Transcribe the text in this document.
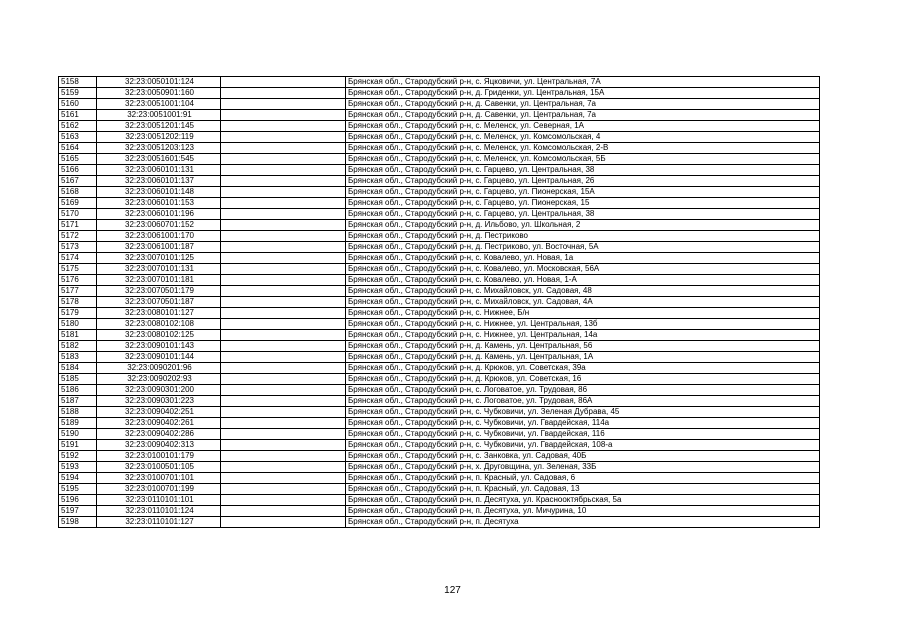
5158	32:23:0050101:124		Брянская обл., Стародубский р-н, с. Яцковичи, ул. Центральная, 7А
5159	32:23:0050901:160		Брянская обл., Стародубский р-н, д. Гриденки, ул. Центральная, 15А
5160	32:23:0051001:104		Брянская обл., Стародубский р-н, д. Савенки, ул. Центральная, 7а
5161	32:23:0051001:91		Брянская обл., Стародубский р-н, д. Савенки, ул. Центральная, 7а
5162	32:23:0051201:145		Брянская обл., Стародубский р-н, с. Меленск, ул. Северная, 1А
5163	32:23:0051202:119		Брянская обл., Стародубский р-н, с. Меленск, ул. Комсомольская, 4
5164	32:23:0051203:123		Брянская обл., Стародубский р-н, с. Меленск, ул. Комсомольская, 2-В
5165	32:23:0051601:545		Брянская обл., Стародубский р-н, с. Меленск, ул. Комсомольская, 5Б
5166	32:23:0060101:131		Брянская обл., Стародубский р-н, с. Гарцево, ул. Центральная, 38
5167	32:23:0060101:137		Брянская обл., Стародубский р-н, с. Гарцево, ул. Центральная, 26
5168	32:23:0060101:148		Брянская обл., Стародубский р-н, с. Гарцево, ул. Пионерская, 15А
5169	32:23:0060101:153		Брянская обл., Стародубский р-н, с. Гарцево, ул. Пионерская, 15
5170	32:23:0060101:196		Брянская обл., Стародубский р-н, с. Гарцево, ул. Центральная, 38
5171	32:23:0060701:152		Брянская обл., Стародубский р-н, д. Ильбово, ул. Школьная, 2
5172	32:23:0061001:170		Брянская обл., Стародубский р-н, д. Пестриково
5173	32:23:0061001:187		Брянская обл., Стародубский р-н, д. Пестриково, ул. Восточная, 5А
5174	32:23:0070101:125		Брянская обл., Стародубский р-н, с. Ковалево, ул. Новая, 1а
5175	32:23:0070101:131		Брянская обл., Стародубский р-н, с. Ковалево, ул. Московская, 56А
5176	32:23:0070101:181		Брянская обл., Стародубский р-н, с. Ковалево, ул. Новая, 1-А
5177	32:23:0070501:179		Брянская обл., Стародубский р-н, с. Михайловск, ул. Садовая, 48
5178	32:23:0070501:187		Брянская обл., Стародубский р-н, с. Михайловск, ул. Садовая, 4А
5179	32:23:0080101:127		Брянская обл., Стародубский р-н, с. Нижнее, Б/н
5180	32:23:0080102:108		Брянская обл., Стародубский р-н, с. Нижнее, ул. Центральная, 13б
5181	32:23:0080102:125		Брянская обл., Стародубский р-н, с. Нижнее, ул. Центральная, 14а
5182	32:23:0090101:143		Брянская обл., Стародубский р-н, д. Камень, ул. Центральная, 56
5183	32:23:0090101:144		Брянская обл., Стародубский р-н, д. Камень, ул. Центральная, 1А
5184	32:23:0090201:96		Брянская обл., Стародубский р-н, д. Крюков, ул. Советская, 39а
5185	32:23:0090202:93		Брянская обл., Стародубский р-н, д. Крюков, ул. Советская, 16
5186	32:23:0090301:200		Брянская обл., Стародубский р-н, с. Логоватое, ул. Трудовая, 86
5187	32:23:0090301:223		Брянская обл., Стародубский р-н, с. Логоватое, ул. Трудовая, 86А
5188	32:23:0090402:251		Брянская обл., Стародубский р-н, с. Чубковичи, ул. Зеленая Дубрава, 45
5189	32:23:0090402:261		Брянская обл., Стародубский р-н, с. Чубковичи, ул. Гвардейская, 114а
5190	32:23:0090402:286		Брянская обл., Стародубский р-н, с. Чубковичи, ул. Гвардейская, 116
5191	32:23:0090402:313		Брянская обл., Стародубский р-н, с. Чубковичи, ул. Гвардейская, 108-а
5192	32:23:0100101:179		Брянская обл., Стародубский р-н, с. Занковка, ул. Садовая, 40Б
5193	32:23:0100501:105		Брянская обл., Стародубский р-н, х. Друговщина, ул. Зеленая, 33Б
5194	32:23:0100701:101		Брянская обл., Стародубский р-н, п. Красный, ул. Садовая, 6
5195	32:23:0100701:199		Брянская обл., Стародубский р-н, п. Красный, ул. Садовая, 13
5196	32:23:0110101:101		Брянская обл., Стародубский р-н, п. Десятуха, ул. Краснооктябрьская, 5а
5197	32:23:0110101:124		Брянская обл., Стародубский р-н, п. Десятуха, ул. Мичурина, 10
5198	32:23:0110101:127		Брянская обл., Стародубский р-н, п. Десятуха
127
